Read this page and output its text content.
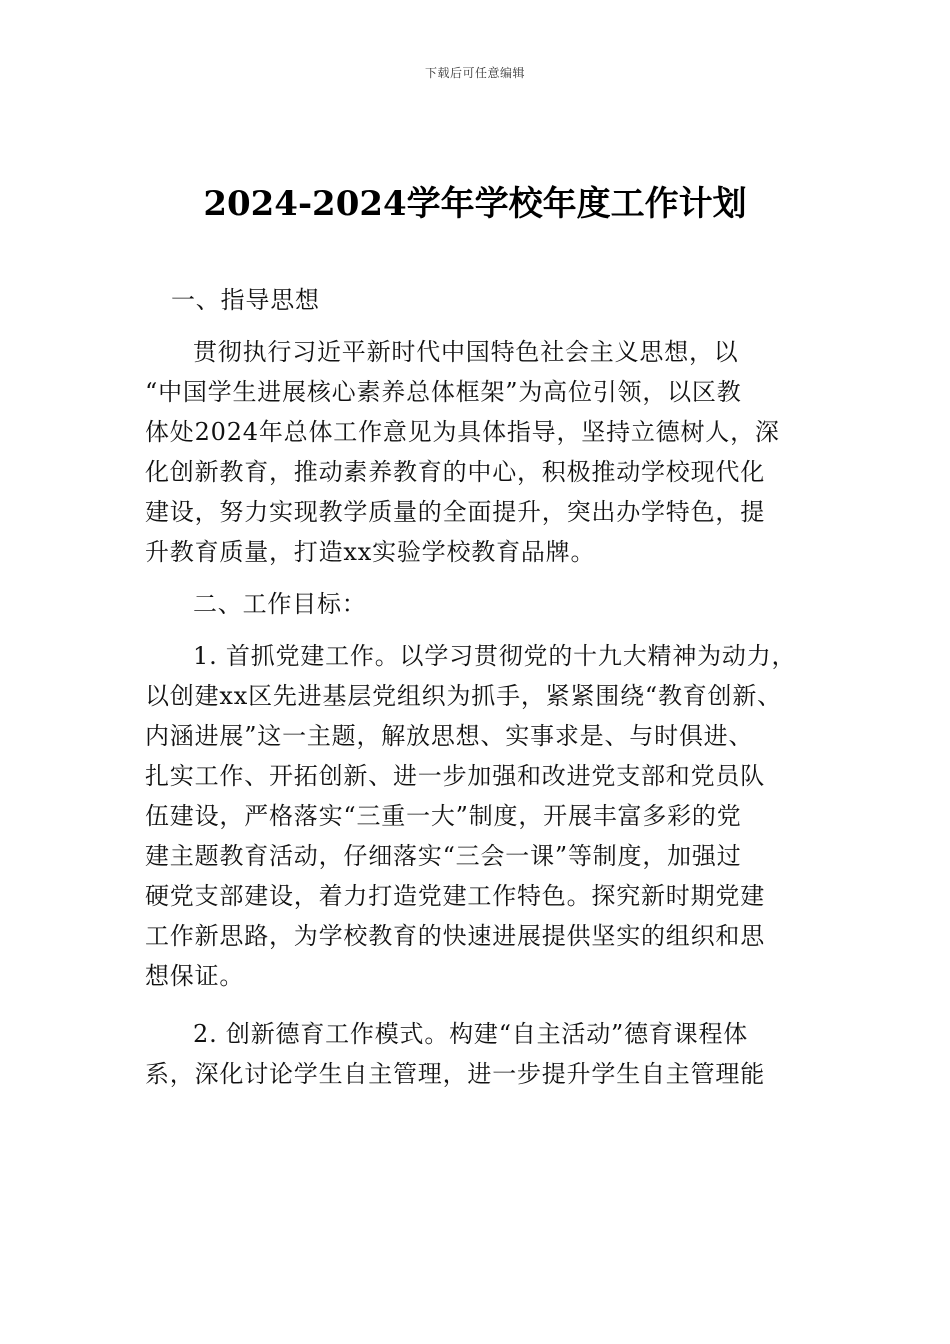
下载后可任意编辑
2024-2024学年学校年度工作计划

一、指导思想

贯彻执行习近平新时代中国特色社会主义思想，以
“中国学生进展核心素养总体框架”为高位引领，以区教
体处2024年总体工作意见为具体指导，坚持立德树人，深
化创新教育，推动素养教育的中心，积极推动学校现代化
建设，努力实现教学质量的全面提升，突出办学特色，提
升教育质量，打造xx实验学校教育品牌。

二、工作目标：

1. 首抓党建工作。以学习贯彻党的十九大精神为动力，
以创建xx区先进基层党组织为抓手，紧紧围绕“教育创新、
内涵进展”这一主题，解放思想、实事求是、与时俱进、
扎实工作、开拓创新、进一步加强和改进党支部和党员队
伍建设，严格落实“三重一大”制度，开展丰富多彩的党
建主题教育活动，仔细落实“三会一课”等制度，加强过
硬党支部建设，着力打造党建工作特色。探究新时期党建
工作新思路，为学校教育的快速进展提供坚实的组织和思
想保证。
2. 创新德育工作模式。构建“自主活动”德育课程体
系，深化讨论学生自主管理，进一步提升学生自主管理能
